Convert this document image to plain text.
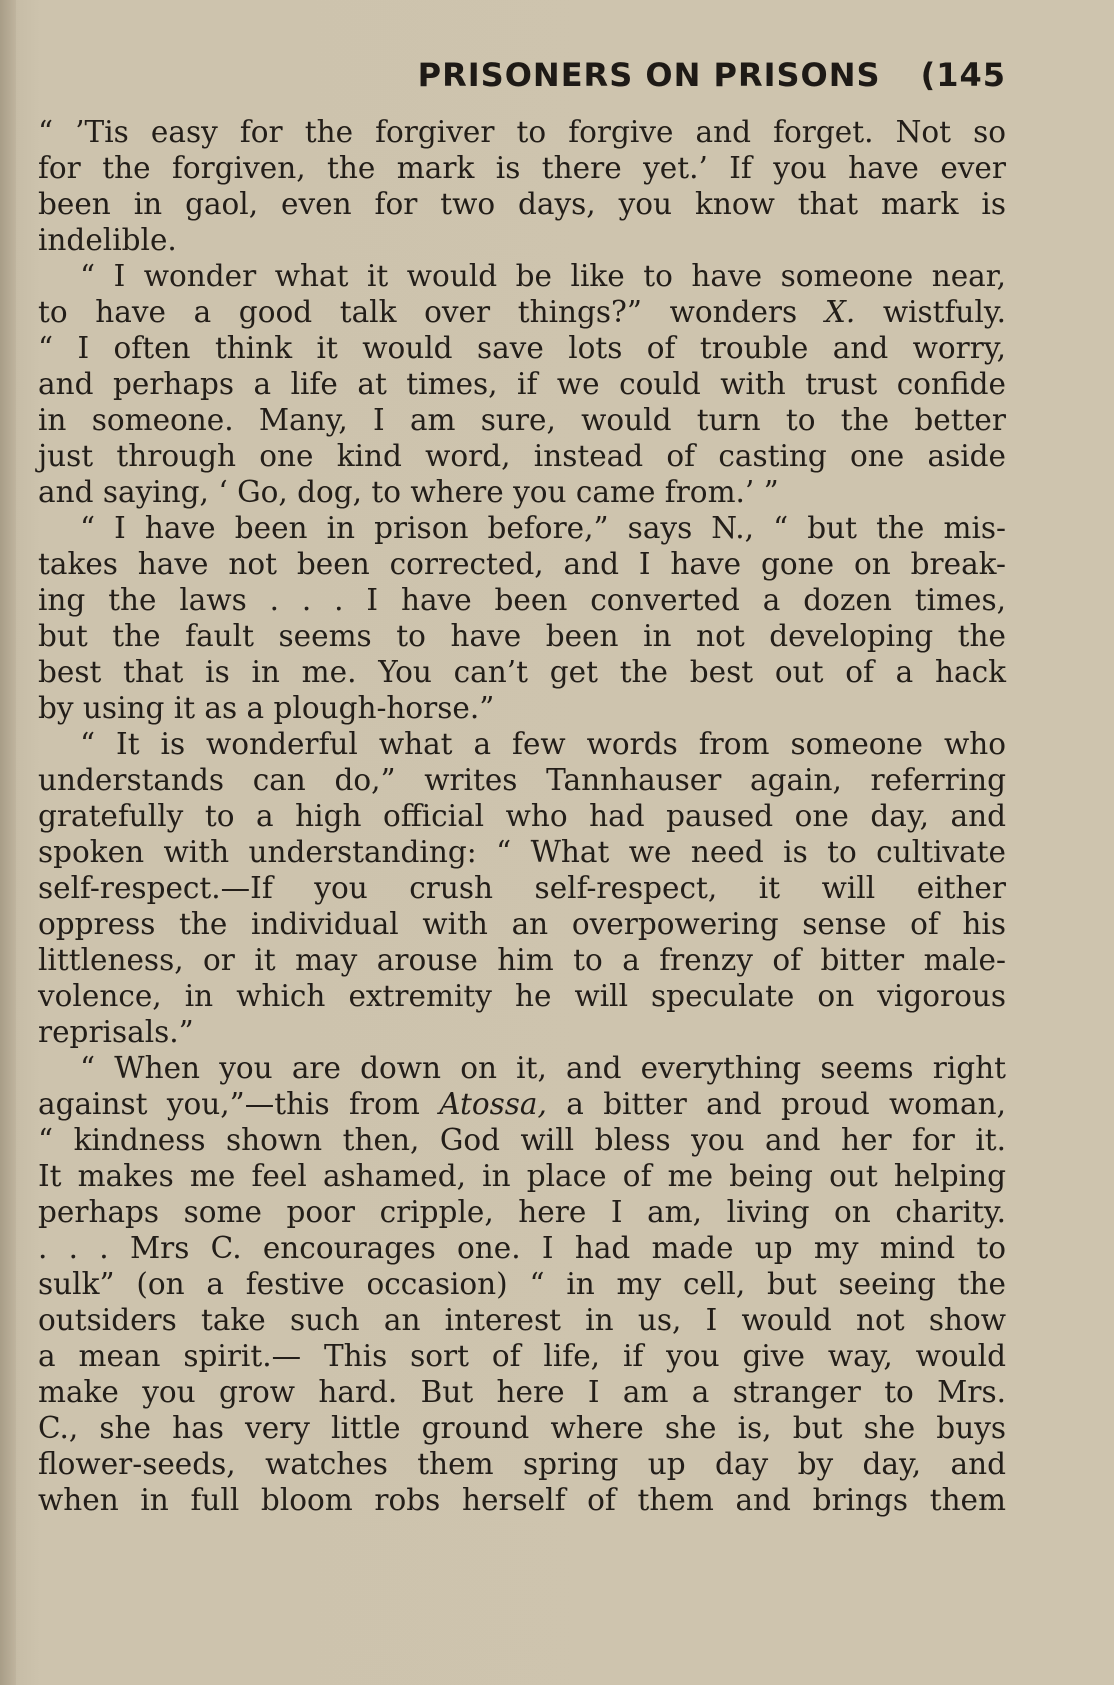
PRISONERS ON PRISONS (145
“ ’Tis easy for the forgiver to forgive and forget. Not so
for the forgiven, the mark is there yet.’ If you have ever
been in gaol, even for two days, you know that mark is
indelible.
“ I wonder what it would be like to have someone near,
to have a good talk over things?” wonders X. wistfuly.
“ I often think it would save lots of trouble and worry,
and perhaps a life at times, if we could with trust confide
in someone. Many, I am sure, would turn to the better
just through one kind word, instead of casting one aside
and saying, ‘ Go, dog, to where you came from.’ ”
“ I have been in prison before,” says N., “ but the mis-
takes have not been corrected, and I have gone on break-
ing the laws . . . I have been converted a dozen times,
but the fault seems to have been in not developing the
best that is in me. You can’t get the best out of a hack
by using it as a plough-horse.”
“ It is wonderful what a few words from someone who
understands can do,” writes Tannhauser again, referring
gratefully to a high official who had paused one day, and
spoken with understanding: “ What we need is to cultivate
self-respect.—If you crush self-respect, it will either
oppress the individual with an overpowering sense of his
littleness, or it may arouse him to a frenzy of bitter male-
volence, in which extremity he will speculate on vigorous
reprisals.”
“ When you are down on it, and everything seems right
against you,”—this from Atossa, a bitter and proud woman,
“ kindness shown then, God will bless you and her for it.
It makes me feel ashamed, in place of me being out helping
perhaps some poor cripple, here I am, living on charity.
. . . Mrs C. encourages one. I had made up my mind to
sulk” (on a festive occasion) “ in my cell, but seeing the
outsiders take such an interest in us, I would not show
a mean spirit.— This sort of life, if you give way, would
make you grow hard. But here I am a stranger to Mrs.
C., she has very little ground where she is, but she buys
flower-seeds, watches them spring up day by day, and
when in full bloom robs herself of them and brings them
